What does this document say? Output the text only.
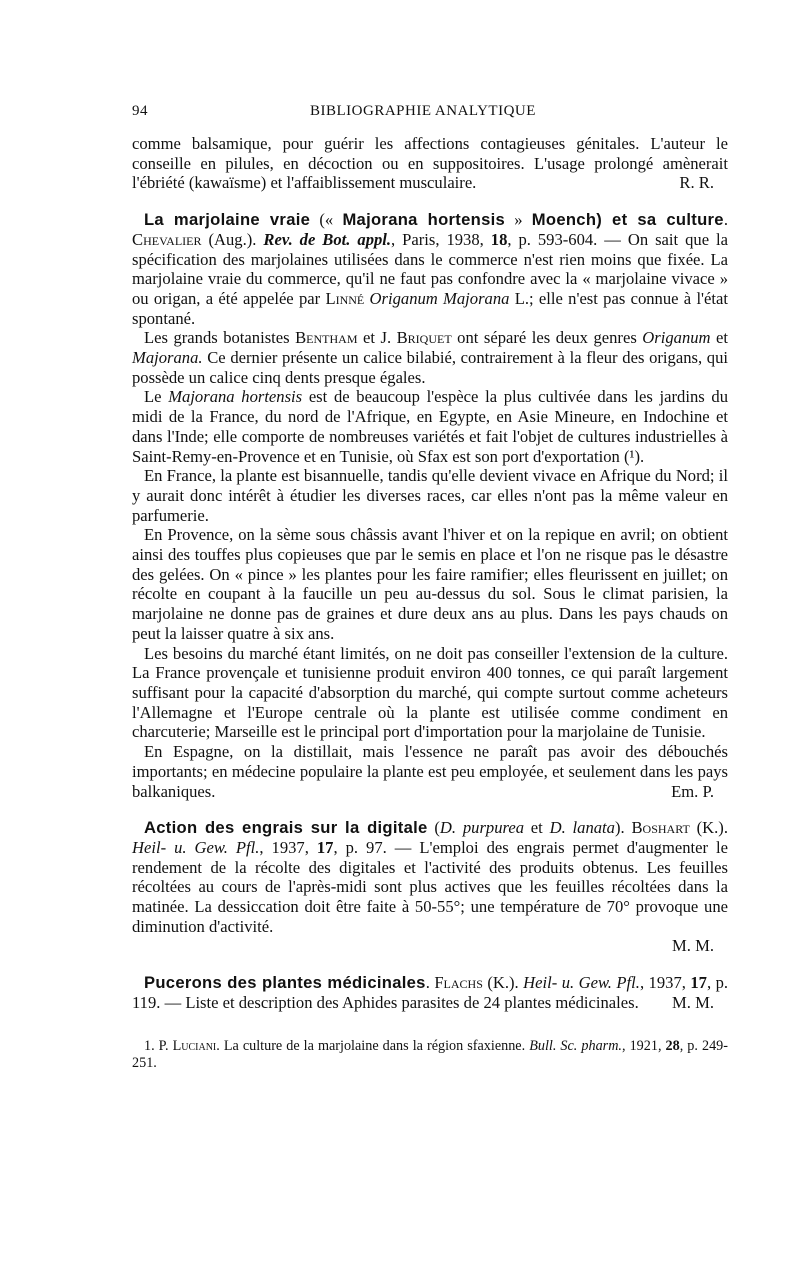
94	BIBLIOGRAPHIE ANALYTIQUE

comme balsamique, pour guérir les affections contagieuses génitales. L'auteur le conseille en pilules, en décoction ou en suppositoires. L'usage prolongé amènerait l'ébriété (kawaïsme) et l'affaiblissement musculaire.	R. R.

La marjolaine vraie (« Majorana hortensis » Moench) et sa culture. Chevalier (Aug.). Rev. de Bot. appl., Paris, 1938, 18, p. 593-604. — On sait que la spécification des marjolaines utilisées dans le commerce n'est rien moins que fixée. La marjolaine vraie du commerce, qu'il ne faut pas confondre avec la « marjolaine vivace » ou origan, a été appelée par Linné Origanum Majorana L.; elle n'est pas connue à l'état spontané.

Les grands botanistes Bentham et J. Briquet ont séparé les deux genres Origanum et Majorana. Ce dernier présente un calice bilabié, contrairement à la fleur des origans, qui possède un calice cinq dents presque égales.

Le Majorana hortensis est de beaucoup l'espèce la plus cultivée dans les jardins du midi de la France, du nord de l'Afrique, en Egypte, en Asie Mineure, en Indochine et dans l'Inde; elle comporte de nombreuses variétés et fait l'objet de cultures industrielles à Saint-Remy-en-Provence et en Tunisie, où Sfax est son port d'exportation (¹).

En France, la plante est bisannuelle, tandis qu'elle devient vivace en Afrique du Nord; il y aurait donc intérêt à étudier les diverses races, car elles n'ont pas la même valeur en parfumerie.

En Provence, on la sème sous châssis avant l'hiver et on la repique en avril; on obtient ainsi des touffes plus copieuses que par le semis en place et l'on ne risque pas le désastre des gelées. On « pince » les plantes pour les faire ramifier; elles fleurissent en juillet; on récolte en coupant à la faucille un peu au-dessus du sol. Sous le climat parisien, la marjolaine ne donne pas de graines et dure deux ans au plus. Dans les pays chauds on peut la laisser quatre à six ans.

Les besoins du marché étant limités, on ne doit pas conseiller l'extension de la culture. La France provençale et tunisienne produit environ 400 tonnes, ce qui paraît largement suffisant pour la capacité d'absorption du marché, qui compte surtout comme acheteurs l'Allemagne et l'Europe centrale où la plante est utilisée comme condiment en charcuterie; Marseille est le principal port d'importation pour la marjolaine de Tunisie.

En Espagne, on la distillait, mais l'essence ne paraît pas avoir des débouchés importants; en médecine populaire la plante est peu employée, et seulement dans les pays balkaniques.	Em. P.

Action des engrais sur la digitale (D. purpurea et D. lanata). Boshart (K.). Heil- u. Gew. Pfl., 1937, 17, p. 97. — L'emploi des engrais permet d'augmenter le rendement de la récolte des digitales et l'activité des produits obtenus. Les feuilles récoltées au cours de l'après-midi sont plus actives que les feuilles récoltées dans la matinée. La dessiccation doit être faite à 50-55°; une température de 70° provoque une diminution d'activité.

M. M.

Pucerons des plantes médicinales. Flachs (K.). Heil- u. Gew. Pfl., 1937, 17, p. 119. — Liste et description des Aphides parasites de 24 plantes médicinales.	M. M.

1. P. Luciani. La culture de la marjolaine dans la région sfaxienne. Bull. Sc. pharm., 1921, 28, p. 249-251.
